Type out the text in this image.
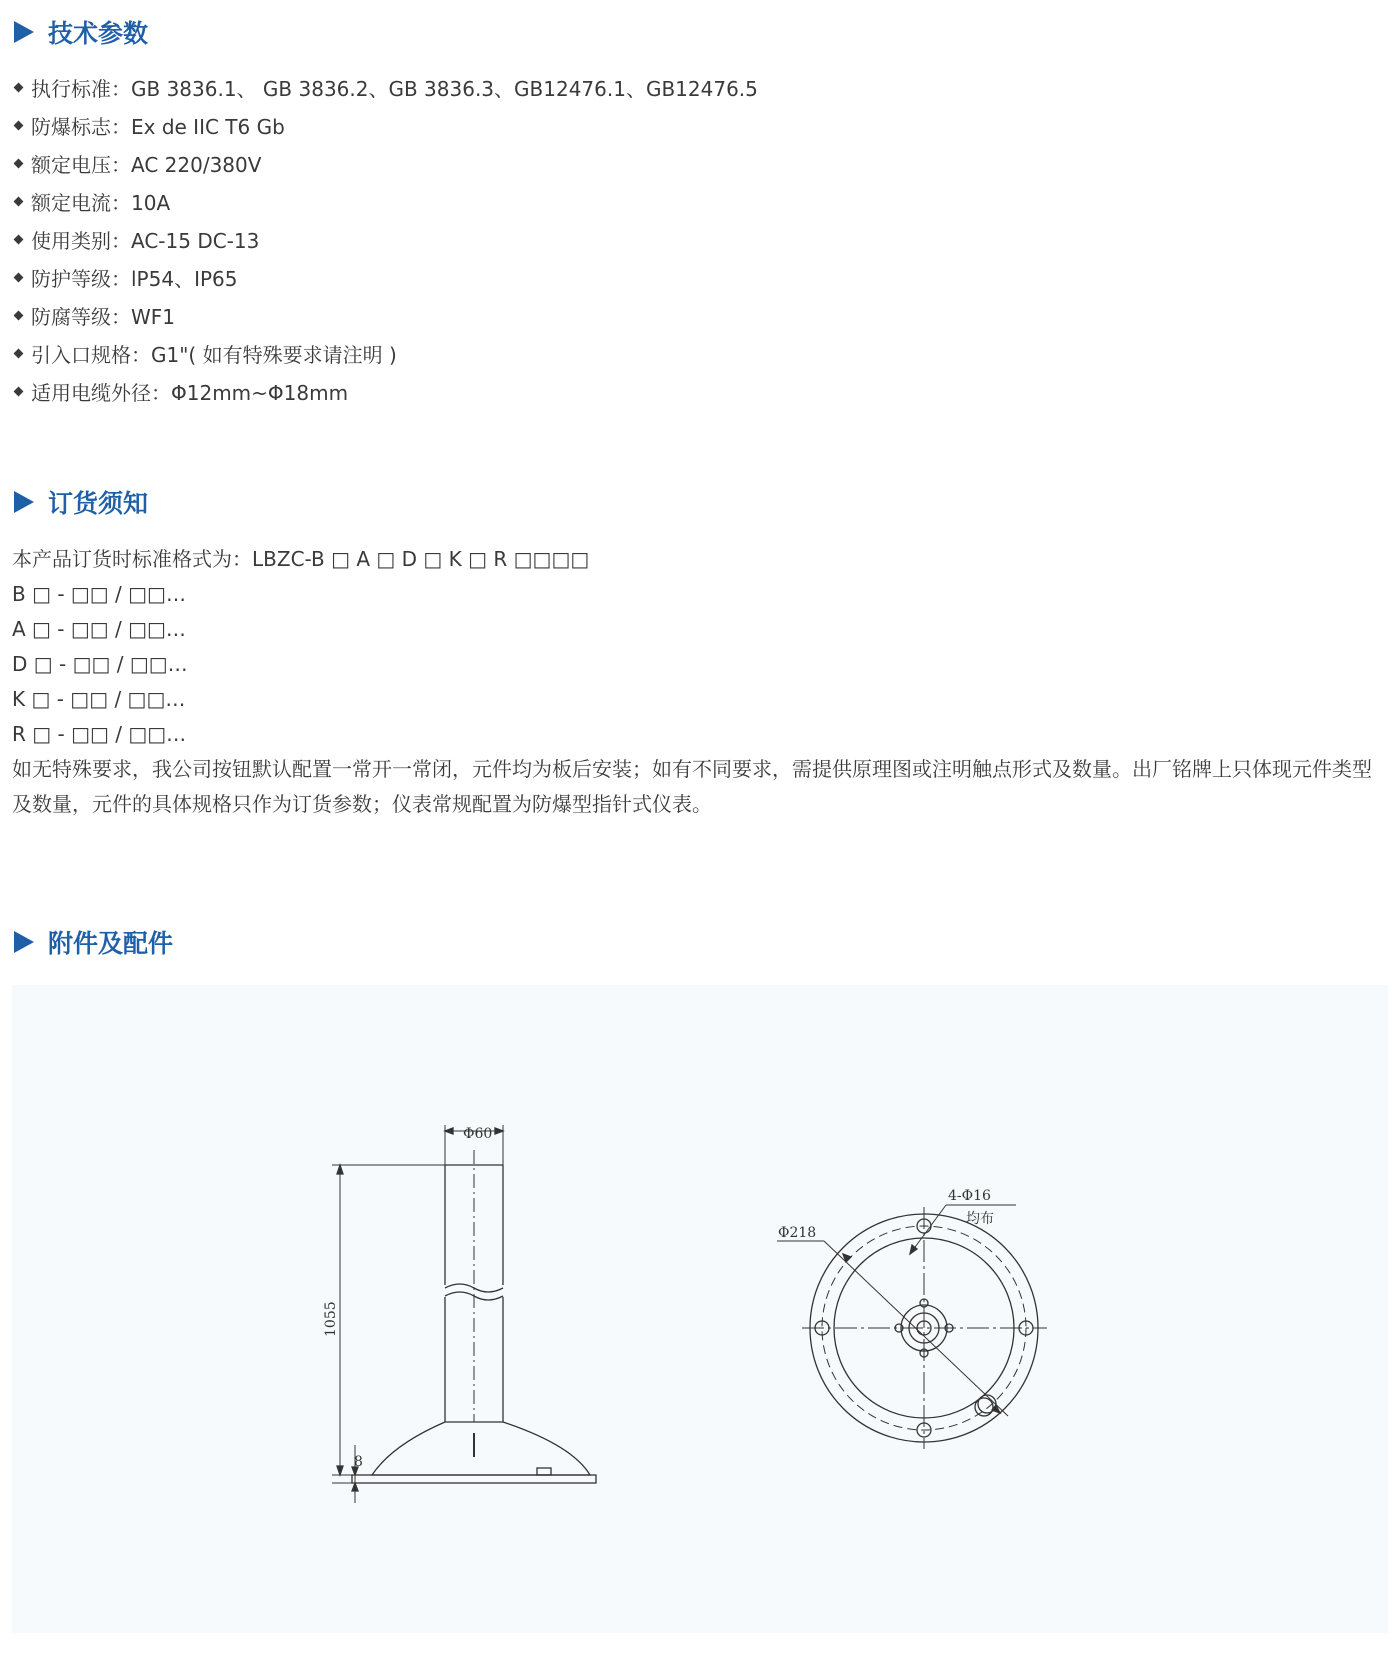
技术参数
执行标准：GB 3836.1、 GB 3836.2、GB 3836.3、GB12476.1、GB12476.5
防爆标志：Ex de IIC T6 Gb
额定电压：AC 220/380V
额定电流：10A
使用类别：AC-15 DC-13
防护等级：lP54、IP65
防腐等级：WF1
引入口规格：G1"( 如有特殊要求请注明 )
适用电缆外径：Φ12mm~Φ18mm
订货须知
本产品订货时标准格式为：LBZC-B □ A □ D □ K □ R □□□□
B □ - □□ / □□…
A □ - □□ / □□…
D □ - □□ / □□…
K □ - □□ / □□…
R □ - □□ / □□…
如无特殊要求，我公司按钮默认配置一常开一常闭，元件均为板后安装；如有不同要求，需提供原理图或注明触点形式及数量。出厂铭牌上只体现元件类型及数量，元件的具体规格只作为订货参数；仪表常规配置为防爆型指针式仪表。
附件及配件
Φ60
1055
8
Φ218
4-Φ16
均布
